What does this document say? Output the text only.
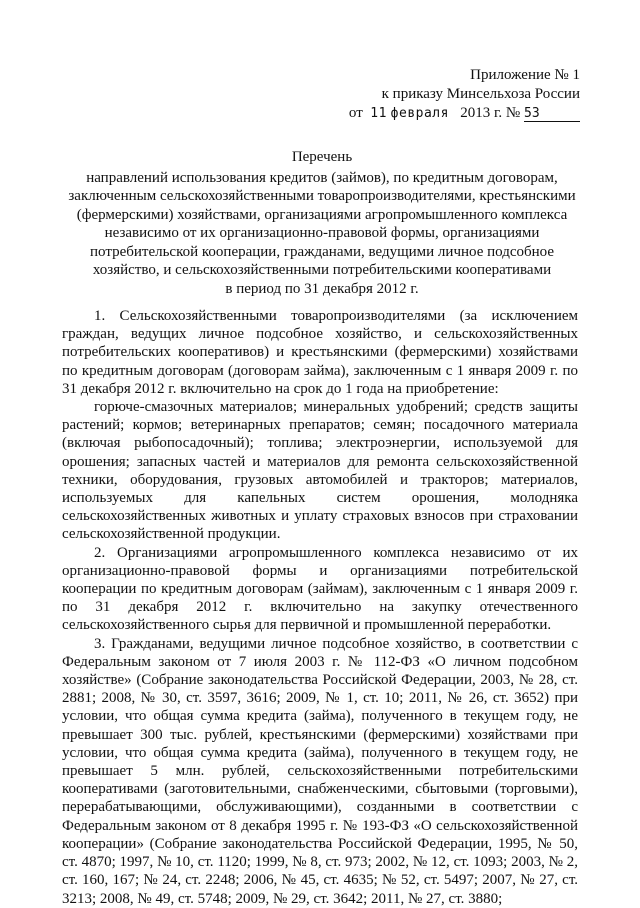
Приложение № 1
к приказу Минсельхоза России
от 11 февраля 2013 г. № 53
Перечень
направлений использования кредитов (займов), по кредитным договорам,
заключенным сельскохозяйственными товаропроизводителями, крестьянскими
(фермерскими) хозяйствами, организациями агропромышленного комплекса
независимо от их организационно-правовой формы, организациями
потребительской кооперации, гражданами, ведущими личное подсобное
хозяйство, и сельскохозяйственными потребительскими кооперативами
в период по 31 декабря 2012 г.

1. Сельскохозяйственными товаропроизводителями (за исключением граждан, ведущих личное подсобное хозяйство, и сельскохозяйственных потребительских кооперативов) и крестьянскими (фермерскими) хозяйствами по кредитным договорам (договорам займа), заключенным с 1 января 2009 г. по 31 декабря 2012 г. включительно на срок до 1 года на приобретение:

горюче-смазочных материалов; минеральных удобрений; средств защиты растений; кормов; ветеринарных препаратов; семян; посадочного материала (включая рыбопосадочный); топлива; электроэнергии, используемой для орошения; запасных частей и материалов для ремонта сельскохозяйственной техники, оборудования, грузовых автомобилей и тракторов; материалов, используемых для капельных систем орошения, молодняка сельскохозяйственных животных и уплату страховых взносов при страховании сельскохозяйственной продукции.

2. Организациями агропромышленного комплекса независимо от их организационно-правовой формы и организациями потребительской кооперации по кредитным договорам (займам), заключенным с 1 января 2009 г. по 31 декабря 2012 г. включительно на закупку отечественного сельскохозяйственного сырья для первичной и промышленной переработки.

3. Гражданами, ведущими личное подсобное хозяйство, в соответствии с Федеральным законом от 7 июля 2003 г. № 112-ФЗ «О личном подсобном хозяйстве» (Собрание законодательства Российской Федерации, 2003, № 28, ст. 2881; 2008, № 30, ст. 3597, 3616; 2009, № 1, ст. 10; 2011, № 26, ст. 3652) при условии, что общая сумма кредита (займа), полученного в текущем году, не превышает 300 тыс. рублей, крестьянскими (фермерскими) хозяйствами при условии, что общая сумма кредита (займа), полученного в текущем году, не превышает 5 млн. рублей, сельскохозяйственными потребительскими кооперативами (заготовительными, снабженческими, сбытовыми (торговыми), перерабатывающими, обслуживающими), созданными в соответствии с Федеральным законом от 8 декабря 1995 г. № 193-ФЗ «О сельскохозяйственной кооперации» (Собрание законодательства Российской Федерации, 1995, № 50, ст. 4870; 1997, № 10, ст. 1120; 1999, № 8, ст. 973; 2002, № 12, ст. 1093; 2003, № 2, ст. 160, 167; № 24, ст. 2248; 2006, № 45, ст. 4635; № 52, ст. 5497; 2007, № 27, ст. 3213; 2008, № 49, ст. 5748; 2009, № 29, ст. 3642; 2011, № 27, ст. 3880;
